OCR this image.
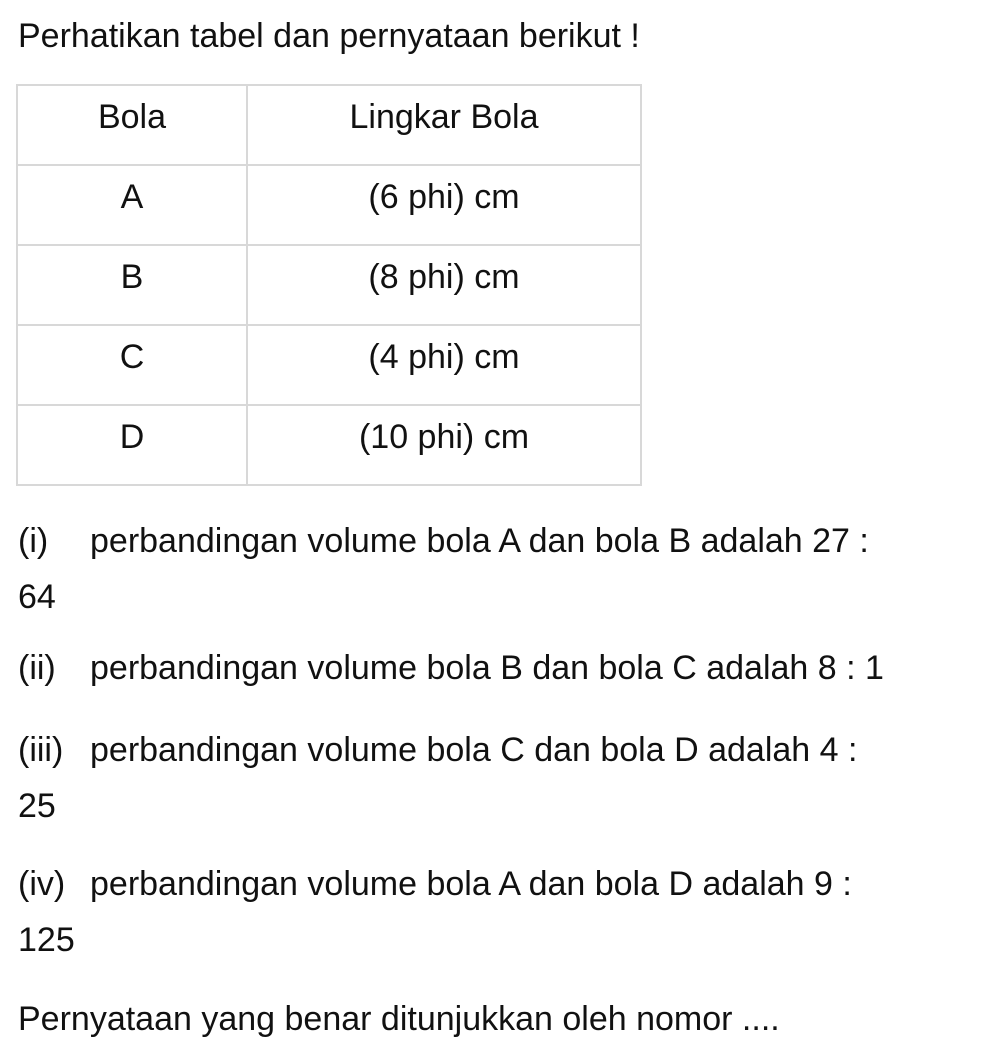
Perhatikan tabel dan pernyataan berikut !
Bola	Lingkar Bola
A	(6 phi) cm
B	(8 phi) cm
C	(4 phi) cm
D	(10 phi) cm
(i) perbandingan volume bola A dan bola B adalah 27 :
64
(ii) perbandingan volume bola B dan bola C adalah 8 : 1
(iii) perbandingan volume bola C dan bola D adalah 4 :
25
(iv) perbandingan volume bola A dan bola D adalah 9 :
125
Pernyataan yang benar ditunjukkan oleh nomor ....
